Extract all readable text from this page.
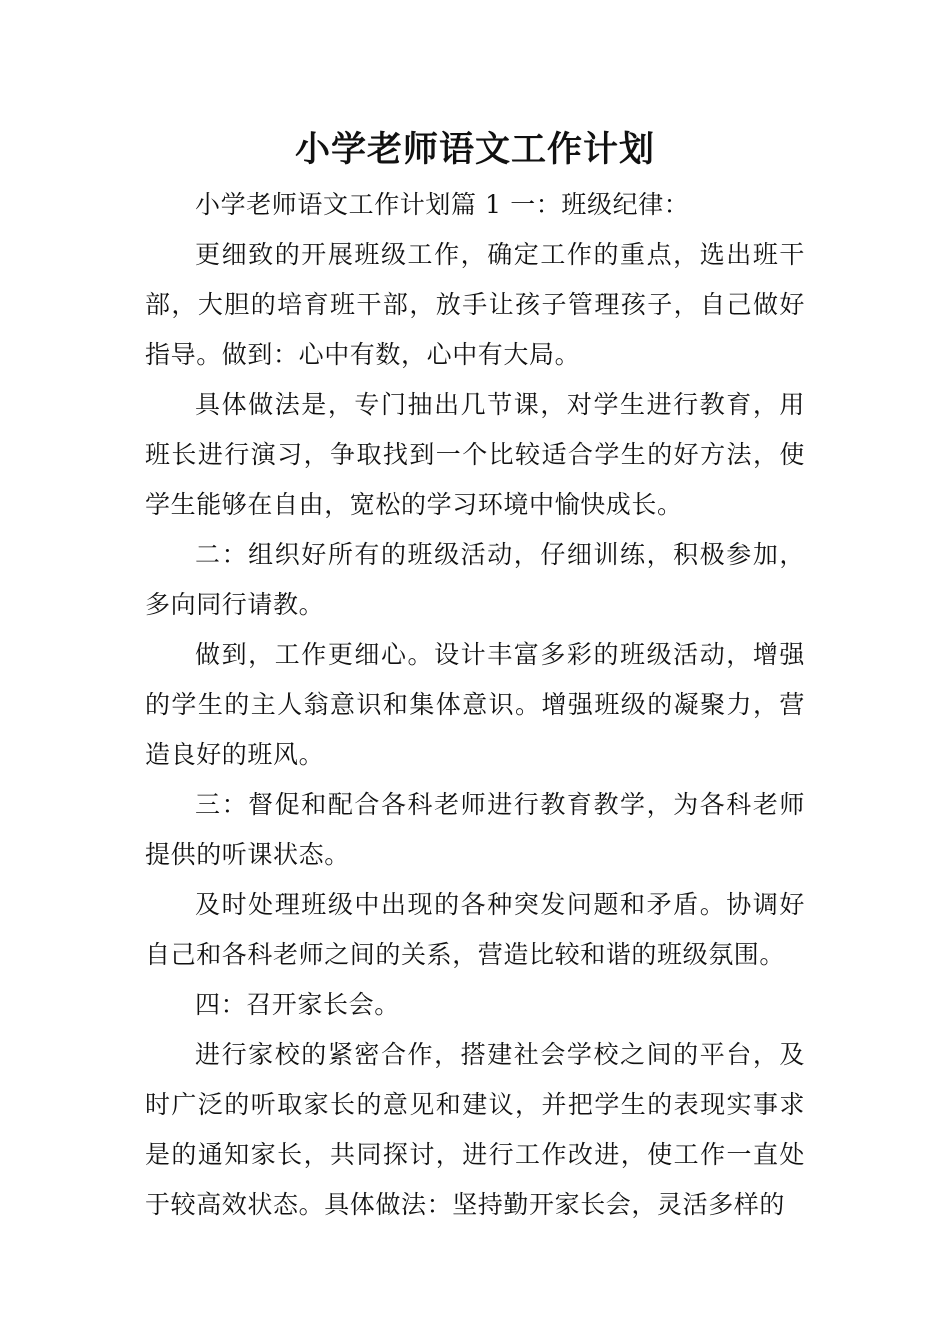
小学老师语文工作计划

小学老师语文工作计划篇 1 一：班级纪律：

更细致的开展班级工作，确定工作的重点，选出班干部，大胆的培育班干部，放手让孩子管理孩子，自己做好指导。做到：心中有数，心中有大局。

具体做法是，专门抽出几节课，对学生进行教育，用班长进行演习，争取找到一个比较适合学生的好方法，使学生能够在自由，宽松的学习环境中愉快成长。

二：组织好所有的班级活动，仔细训练，积极参加，多向同行请教。

做到，工作更细心。设计丰富多彩的班级活动，增强的学生的主人翁意识和集体意识。增强班级的凝聚力，营造良好的班风。

三：督促和配合各科老师进行教育教学，为各科老师提供的听课状态。

及时处理班级中出现的各种突发问题和矛盾。协调好自己和各科老师之间的关系，营造比较和谐的班级氛围。

四：召开家长会。

进行家校的紧密合作，搭建社会学校之间的平台，及时广泛的听取家长的意见和建议，并把学生的表现实事求是的通知家长，共同探讨，进行工作改进，使工作一直处于较高效状态。具体做法：坚持勤开家长会，灵活多样的
